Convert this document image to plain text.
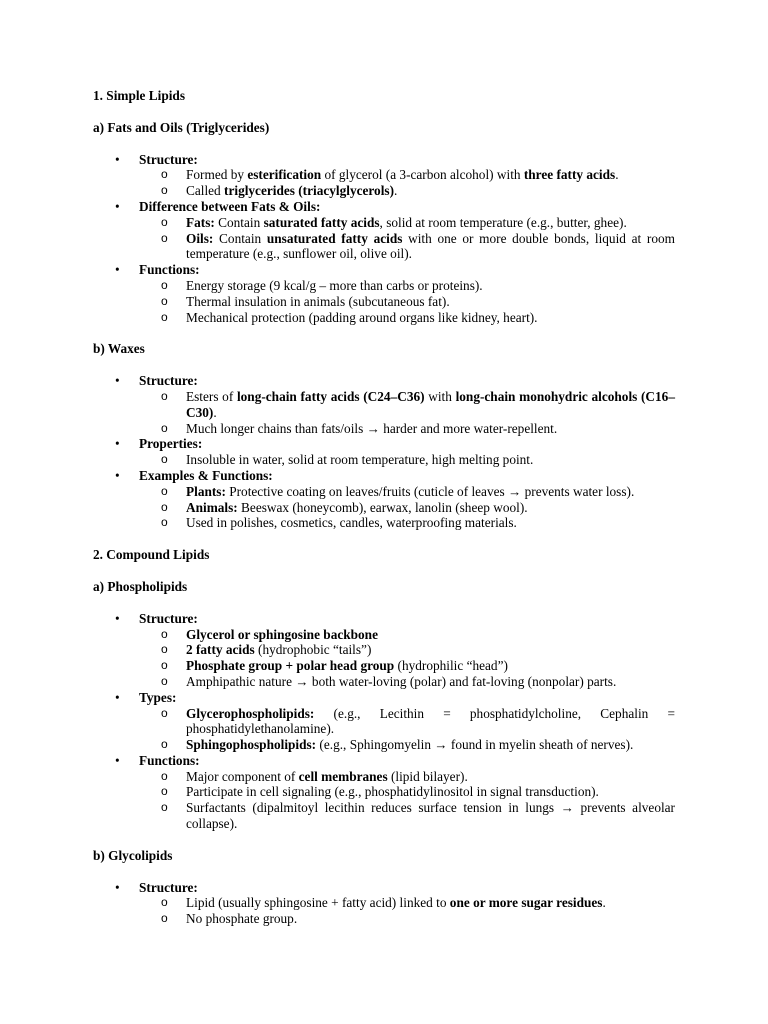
1. Simple Lipids

a) Fats and Oils (Triglycerides)

•	Structure:
o Formed by esterification of glycerol (a 3-carbon alcohol) with three fatty acids.
o Called triglycerides (triacylglycerols).
•	Difference between Fats & Oils:
o Fats: Contain saturated fatty acids, solid at room temperature (e.g., butter, ghee).
o Oils: Contain unsaturated fatty acids with one or more double bonds, liquid at room temperature (e.g., sunflower oil, olive oil).
•	Functions:
o Energy storage (9 kcal/g – more than carbs or proteins).
o Thermal insulation in animals (subcutaneous fat).
o Mechanical protection (padding around organs like kidney, heart).

b) Waxes

•	Structure:
o Esters of long-chain fatty acids (C24–C36) with long-chain monohydric alcohols (C16–C30).
o Much longer chains than fats/oils → harder and more water-repellent.
•	Properties:
o Insoluble in water, solid at room temperature, high melting point.
•	Examples & Functions:
o Plants: Protective coating on leaves/fruits (cuticle of leaves → prevents water loss).
o Animals: Beeswax (honeycomb), earwax, lanolin (sheep wool).
o Used in polishes, cosmetics, candles, waterproofing materials.

2. Compound Lipids

a) Phospholipids

•	Structure:
o Glycerol or sphingosine backbone
o 2 fatty acids (hydrophobic “tails”)
o Phosphate group + polar head group (hydrophilic “head”)
o Amphipathic nature → both water-loving (polar) and fat-loving (nonpolar) parts.
•	Types:
o Glycerophospholipids: (e.g., Lecithin = phosphatidylcholine, Cephalin = phosphatidylethanolamine).
o Sphingophospholipids: (e.g., Sphingomyelin → found in myelin sheath of nerves).
•	Functions:
o Major component of cell membranes (lipid bilayer).
o Participate in cell signaling (e.g., phosphatidylinositol in signal transduction).
o Surfactants (dipalmitoyl lecithin reduces surface tension in lungs → prevents alveolar collapse).

b) Glycolipids

•	Structure:
o Lipid (usually sphingosine + fatty acid) linked to one or more sugar residues.
o No phosphate group.
